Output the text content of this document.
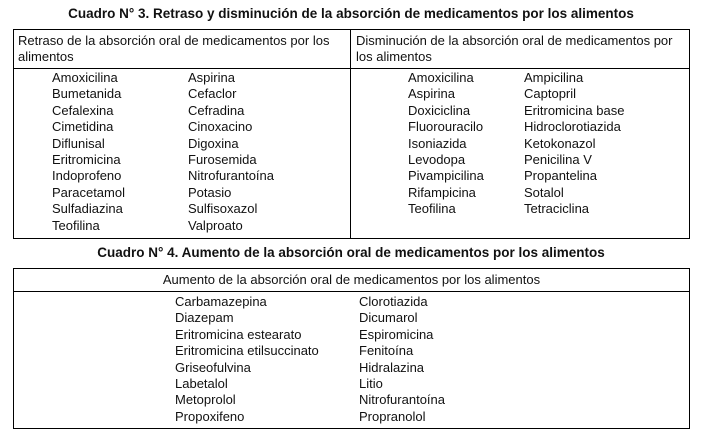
Cuadro N° 3. Retraso y disminución de la absorción de medicamentos por los alimentos
Retraso de la absorción oral de medicamentos por los alimentos
Disminución de la absorción oral de medicamentos por los alimentos
Amoxicilina
Bumetanida
Cefalexina
Cimetidina
Diflunisal
Eritromicina
Indoprofeno
Paracetamol
Sulfadiazina
Teofilina
Aspirina
Cefaclor
Cefradina
Cinoxacino
Digoxina
Furosemida
Nitrofurantoína
Potasio
Sulfisoxazol
Valproato
Amoxicilina
Aspirina
Doxiciclina
Fluorouracilo
Isoniazida
Levodopa
Pivampicilina
Rifampicina
Teofilina
Ampicilina
Captopril
Eritromicina base
Hidroclorotiazida
Ketokonazol
Penicilina V
Propantelina
Sotalol
Tetraciclina
Cuadro N° 4. Aumento de la absorción oral de medicamentos por los alimentos
Aumento de la absorción oral de medicamentos por los alimentos
Carbamazepina
Diazepam
Eritromicina estearato
Eritromicina etilsuccinato
Griseofulvina
Labetalol
Metoprolol
Propoxifeno
Clorotiazida
Dicumarol
Espiromicina
Fenitoína
Hidralazina
Litio
Nitrofurantoína
Propranolol
